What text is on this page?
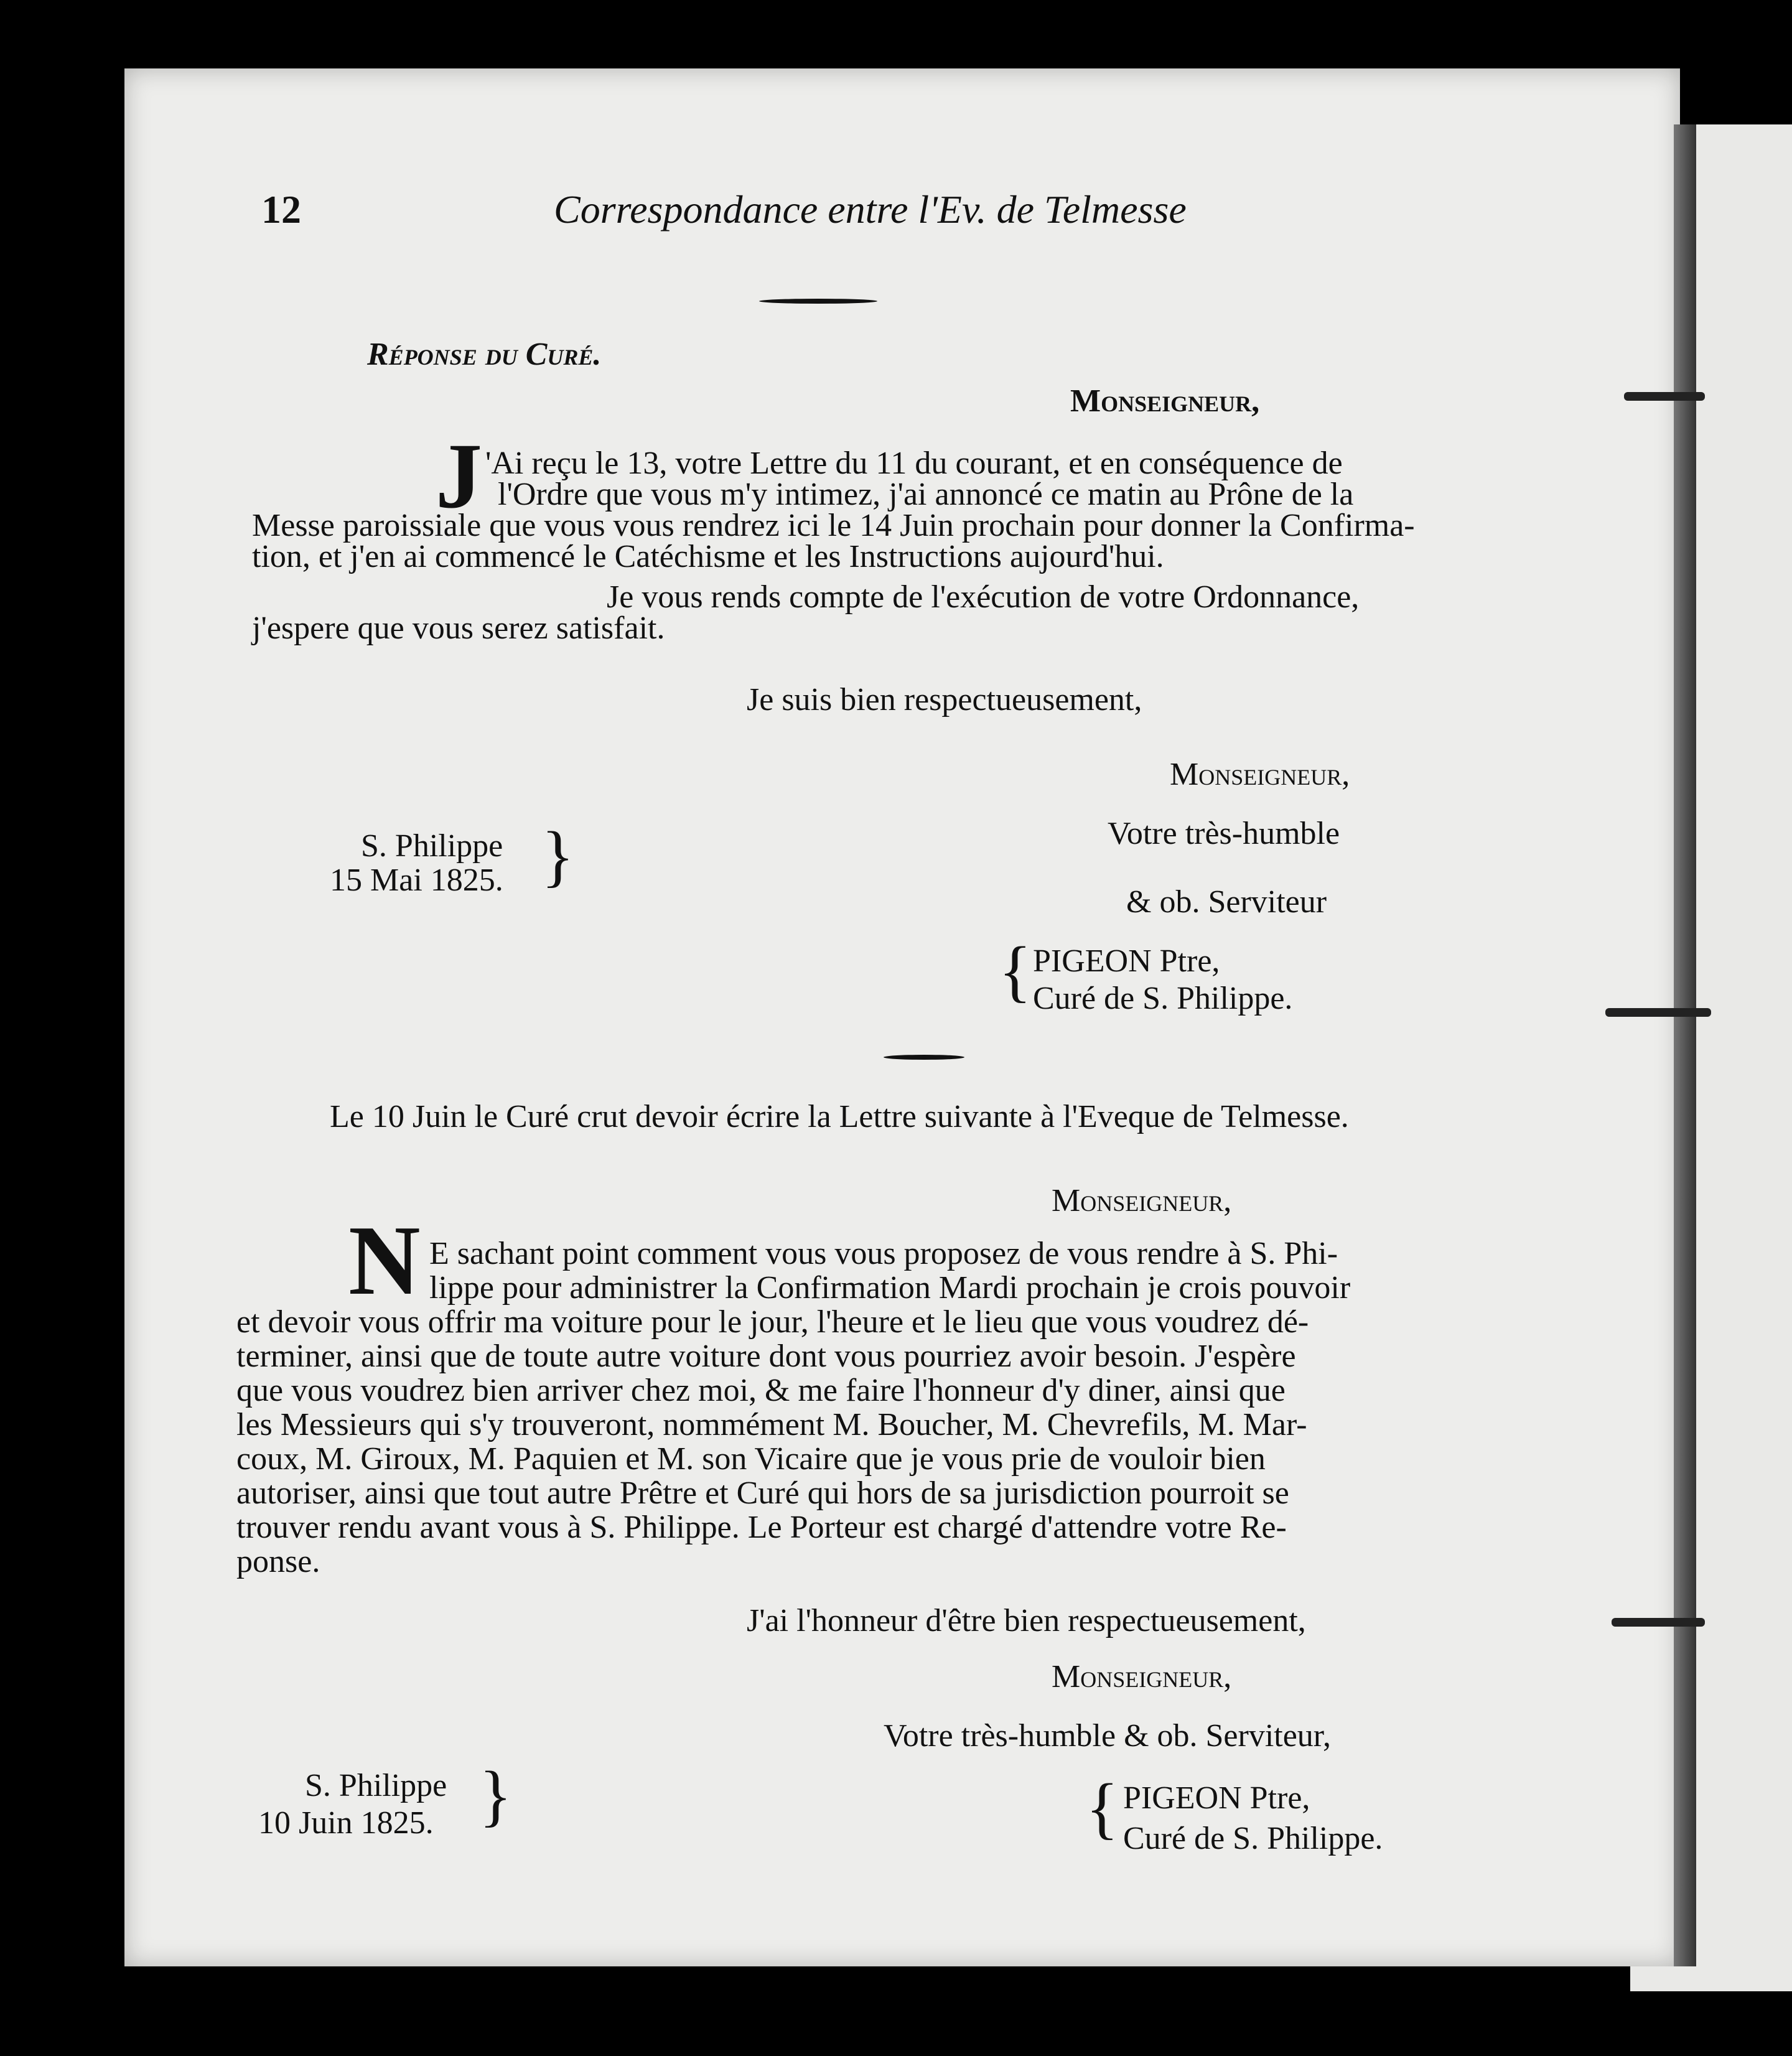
12	Correspondance entre l'Ev. de Telmesse
Réponse du Curé.
Monseigneur,
J 'Ai reçu le 13, votre Lettre du 11 du courant, et en conséquence de
l'Ordre que vous m'y intimez, j'ai annoncé ce matin au Prône de la
Messe paroissiale que vous vous rendrez ici le 14 Juin prochain pour donner la Confirma-
tion, et j'en ai commencé le Catéchisme et les Instructions aujourd'hui.
Je vous rends compte de l'exécution de votre Ordonnance,
j'espere que vous serez satisfait.
Je suis bien respectueusement,
Monseigneur,
Votre très-humble
S. Philippe
15 Mai 1825. }
& ob. Serviteur
{ PIGEON Ptre,
Curé de S. Philippe.
Le 10 Juin le Curé crut devoir écrire la Lettre suivante à l'Eveque de Telmesse.
Monseigneur,
N E sachant point comment vous vous proposez de vous rendre à S. Phi-
lippe pour administrer la Confirmation Mardi prochain je crois pouvoir
et devoir vous offrir ma voiture pour le jour, l'heure et le lieu que vous voudrez dé-
terminer, ainsi que de toute autre voiture dont vous pourriez avoir besoin. J'espère
que vous voudrez bien arriver chez moi, & me faire l'honneur d'y diner, ainsi que
les Messieurs qui s'y trouveront, nommément M. Boucher, M. Chevrefils, M. Mar-
coux, M. Giroux, M. Paquien et M. son Vicaire que je vous prie de vouloir bien
autoriser, ainsi que tout autre Prêtre et Curé qui hors de sa jurisdiction pourroit se
trouver rendu avant vous à S. Philippe. Le Porteur est chargé d'attendre votre Re-
ponse.
J'ai l'honneur d'être bien respectueusement,
Monseigneur,
Votre très-humble & ob. Serviteur,
S. Philippe
10 Juin 1825. }	{ PIGEON Ptre,
Curé de S. Philippe.
